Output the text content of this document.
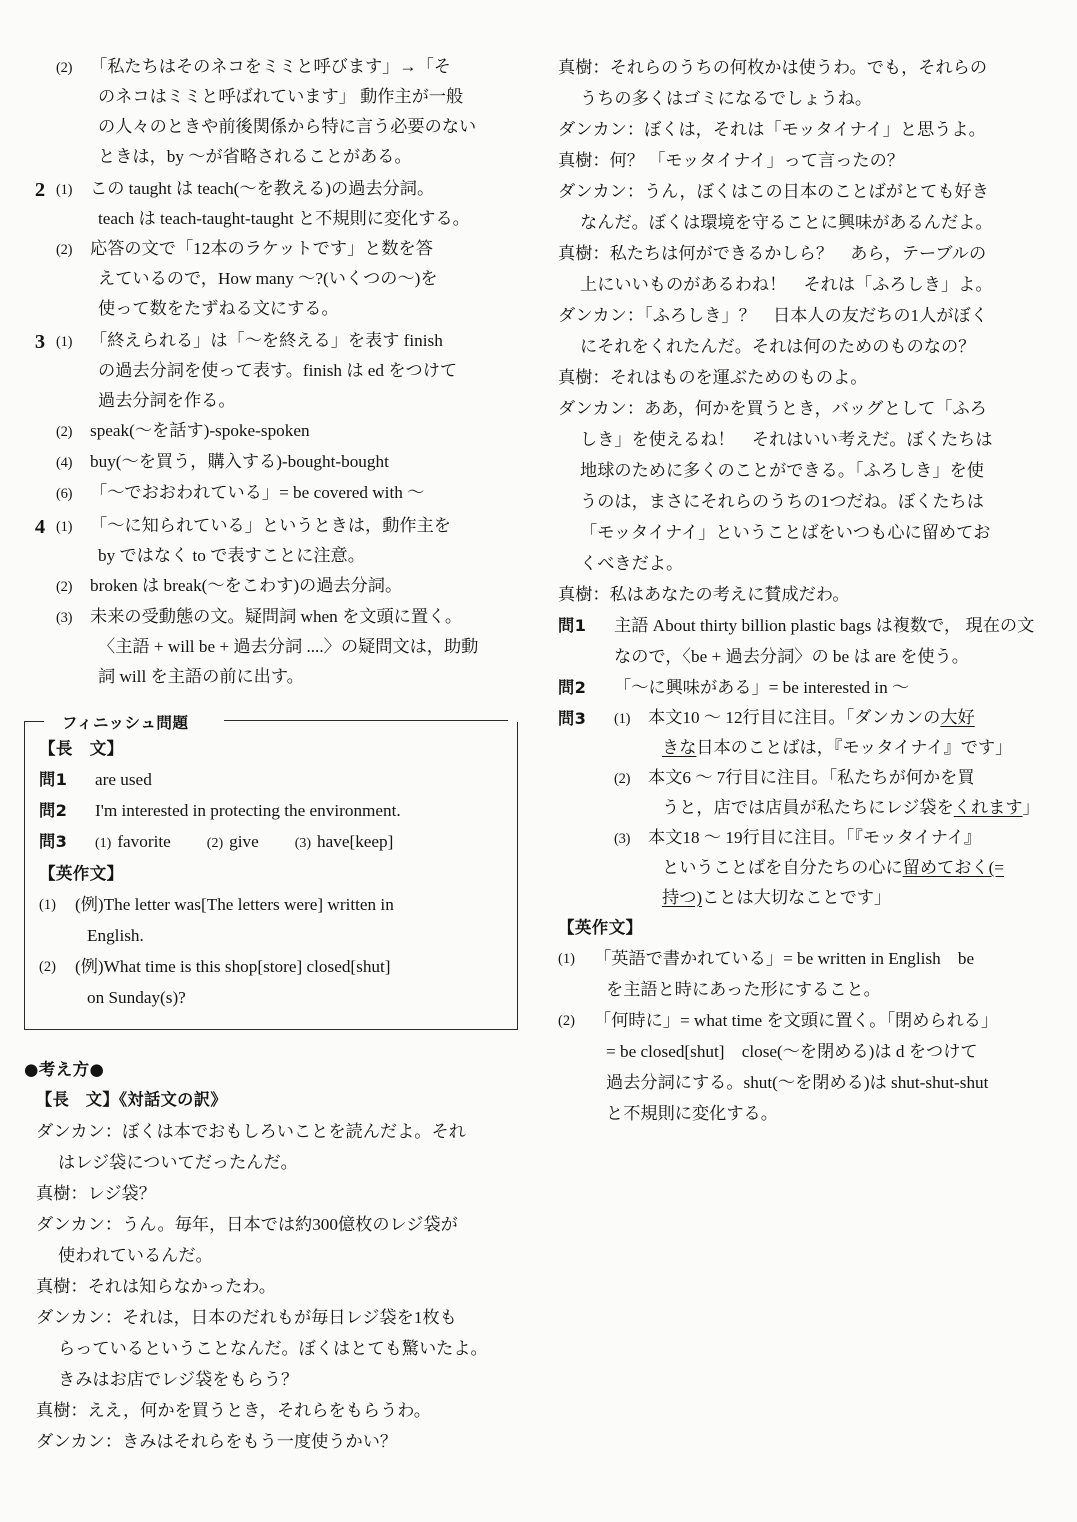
(2)	「私たちはそのネコをミミと呼びます」→「そ
のネコはミミと呼ばれています」 動作主が一般
の人々のときや前後関係から特に言う必要のない
ときは，by ～が省略されることがある。
2 (1)	この taught は teach(～を教える)の過去分詞。
teach は teach-taught-taught と不規則に変化する。
(2)	応答の文で「12本のラケットです」と数を答
えているので，How many ～?(いくつの～)を
使って数をたずねる文にする。
3 (1)	「終えられる」は「～を終える」を表す finish
の過去分詞を使って表す。finish は ed をつけて
過去分詞を作る。
(2)	speak(～を話す)-spoke-spoken
(4)	buy(～を買う，購入する)-bought-bought
(6)	「～でおおわれている」= be covered with ～
4 (1)	「～に知られている」というときは，動作主を
by ではなく to で表すことに注意。
(2)	broken は break(～をこわす)の過去分詞。
(3)	未来の受動態の文。疑問詞 when を文頭に置く。
〈主語 + will be + 過去分詞 ....〉の疑問文は，助動
詞 will を主語の前に出す。
フィニッシュ問題
【長　文】
問1	are used
問2	I'm interested in protecting the environment.
問3	(1) favorite	(2) give	(3) have[keep]
【英作文】
(1)	(例)The letter was[The letters were] written in
English.
(2)	(例)What time is this shop[store] closed[shut]
on Sunday(s)?
●考え方●
【長　文】《対話文の訳》
ダンカン：ぼくは本でおもしろいことを読んだよ。それ
はレジ袋についてだったんだ。
真樹：レジ袋？
ダンカン：うん。毎年，日本では約300億枚のレジ袋が
使われているんだ。
真樹：それは知らなかったわ。
ダンカン：それは，日本のだれもが毎日レジ袋を1枚も
らっているということなんだ。ぼくはとても驚いたよ。
きみはお店でレジ袋をもらう？
真樹：ええ，何かを買うとき，それらをもらうわ。
ダンカン：きみはそれらをもう一度使うかい？
真樹：それらのうちの何枚かは使うわ。でも，それらの
うちの多くはゴミになるでしょうね。
ダンカン：ぼくは，それは「モッタイナイ」と思うよ。
真樹：何？ 「モッタイナイ」って言ったの？
ダンカン：うん，ぼくはこの日本のことばがとても好き
なんだ。ぼくは環境を守ることに興味があるんだよ。
真樹：私たちは何ができるかしら？　あら，テーブルの
上にいいものがあるわね！　それは「ふろしき」よ。
ダンカン：「ふろしき」？　日本人の友だちの1人がぼく
にそれをくれたんだ。それは何のためのものなの？
真樹：それはものを運ぶためのものよ。
ダンカン：ああ，何かを買うとき，バッグとして「ふろ
しき」を使えるね！　それはいい考えだ。ぼくたちは
地球のために多くのことができる。「ふろしき」を使
うのは，まさにそれらのうちの1つだね。ぼくたちは
「モッタイナイ」ということばをいつも心に留めてお
くべきだよ。
真樹：私はあなたの考えに賛成だわ。
問1	主語 About thirty billion plastic bags は複数で， 現在の文なので，〈be + 過去分詞〉の be は are を使う。
問2	「～に興味がある」= be interested in ～
問3	(1)	本文10 ～ 12行目に注目。「ダンカンの大好
きな日本のことばは，『モッタイナイ』です」
(2)	本文6 ～ 7行目に注目。「私たちが何かを買
うと，店では店員が私たちにレジ袋をくれます」
(3)	本文18 ～ 19行目に注目。「『モッタイナイ』
ということばを自分たちの心に留めておく(=
持つ)ことは大切なことです」
【英作文】
(1)	「英語で書かれている」= be written in English　be
を主語と時にあった形にすること。
(2)	「何時に」= what time を文頭に置く。「閉められる」
= be closed[shut]　close(～を閉める)は d をつけて
過去分詞にする。shut(～を閉める)は shut-shut-shut
と不規則に変化する。
